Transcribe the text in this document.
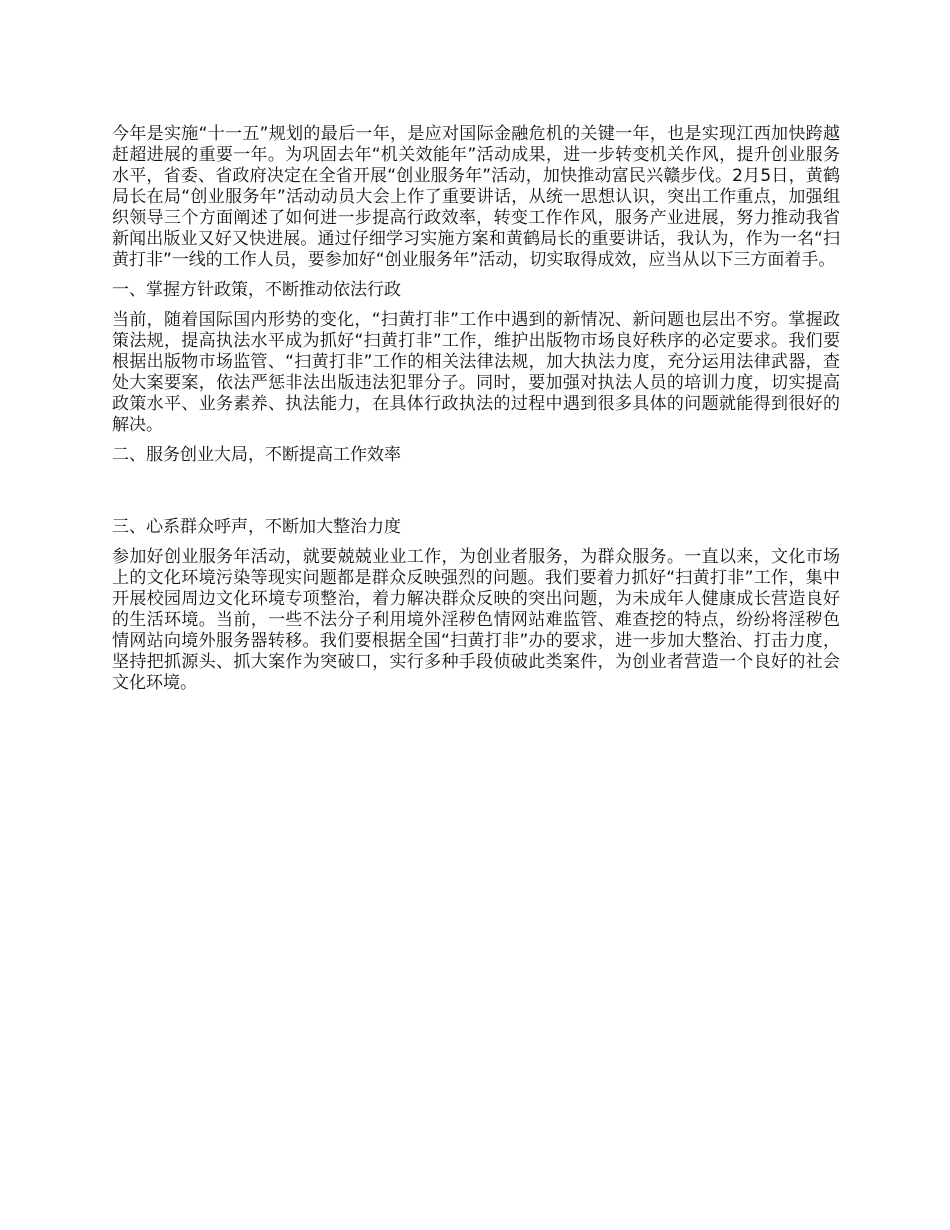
今年是实施“十一五”规划的最后一年，是应对国际金融危机的关键一年，也是实现江西加快跨越赶超进展的重要一年。为巩固去年“机关效能年”活动成果，进一步转变机关作风，提升创业服务水平，省委、省政府决定在全省开展“创业服务年”活动，加快推动富民兴赣步伐。2月5日，黄鹤局长在局“创业服务年”活动动员大会上作了重要讲话，从统一思想认识，突出工作重点，加强组织领导三个方面阐述了如何进一步提高行政效率，转变工作作风，服务产业进展，努力推动我省新闻出版业又好又快进展。通过仔细学习实施方案和黄鹤局长的重要讲话，我认为，作为一名“扫黄打非”一线的工作人员，要参加好“创业服务年”活动，切实取得成效，应当从以下三方面着手。

一、掌握方针政策，不断推动依法行政

当前，随着国际国内形势的变化，“扫黄打非”工作中遇到的新情况、新问题也层出不穷。掌握政策法规，提高执法水平成为抓好“扫黄打非”工作，维护出版物市场良好秩序的必定要求。我们要根据出版物市场监管、“扫黄打非”工作的相关法律法规，加大执法力度，充分运用法律武器，查处大案要案，依法严惩非法出版违法犯罪分子。同时，要加强对执法人员的培训力度，切实提高政策水平、业务素养、执法能力，在具体行政执法的过程中遇到很多具体的问题就能得到很好的解决。

二、服务创业大局，不断提高工作效率

三、心系群众呼声，不断加大整治力度

参加好创业服务年活动，就要兢兢业业工作，为创业者服务，为群众服务。一直以来，文化市场上的文化环境污染等现实问题都是群众反映强烈的问题。我们要着力抓好“扫黄打非”工作，集中开展校园周边文化环境专项整治，着力解决群众反映的突出问题，为未成年人健康成长营造良好的生活环境。当前，一些不法分子利用境外淫秽色情网站难监管、难查挖的特点，纷纷将淫秽色情网站向境外服务器转移。我们要根据全国“扫黄打非”办的要求，进一步加大整治、打击力度，坚持把抓源头、抓大案作为突破口，实行多种手段侦破此类案件，为创业者营造一个良好的社会文化环境。
